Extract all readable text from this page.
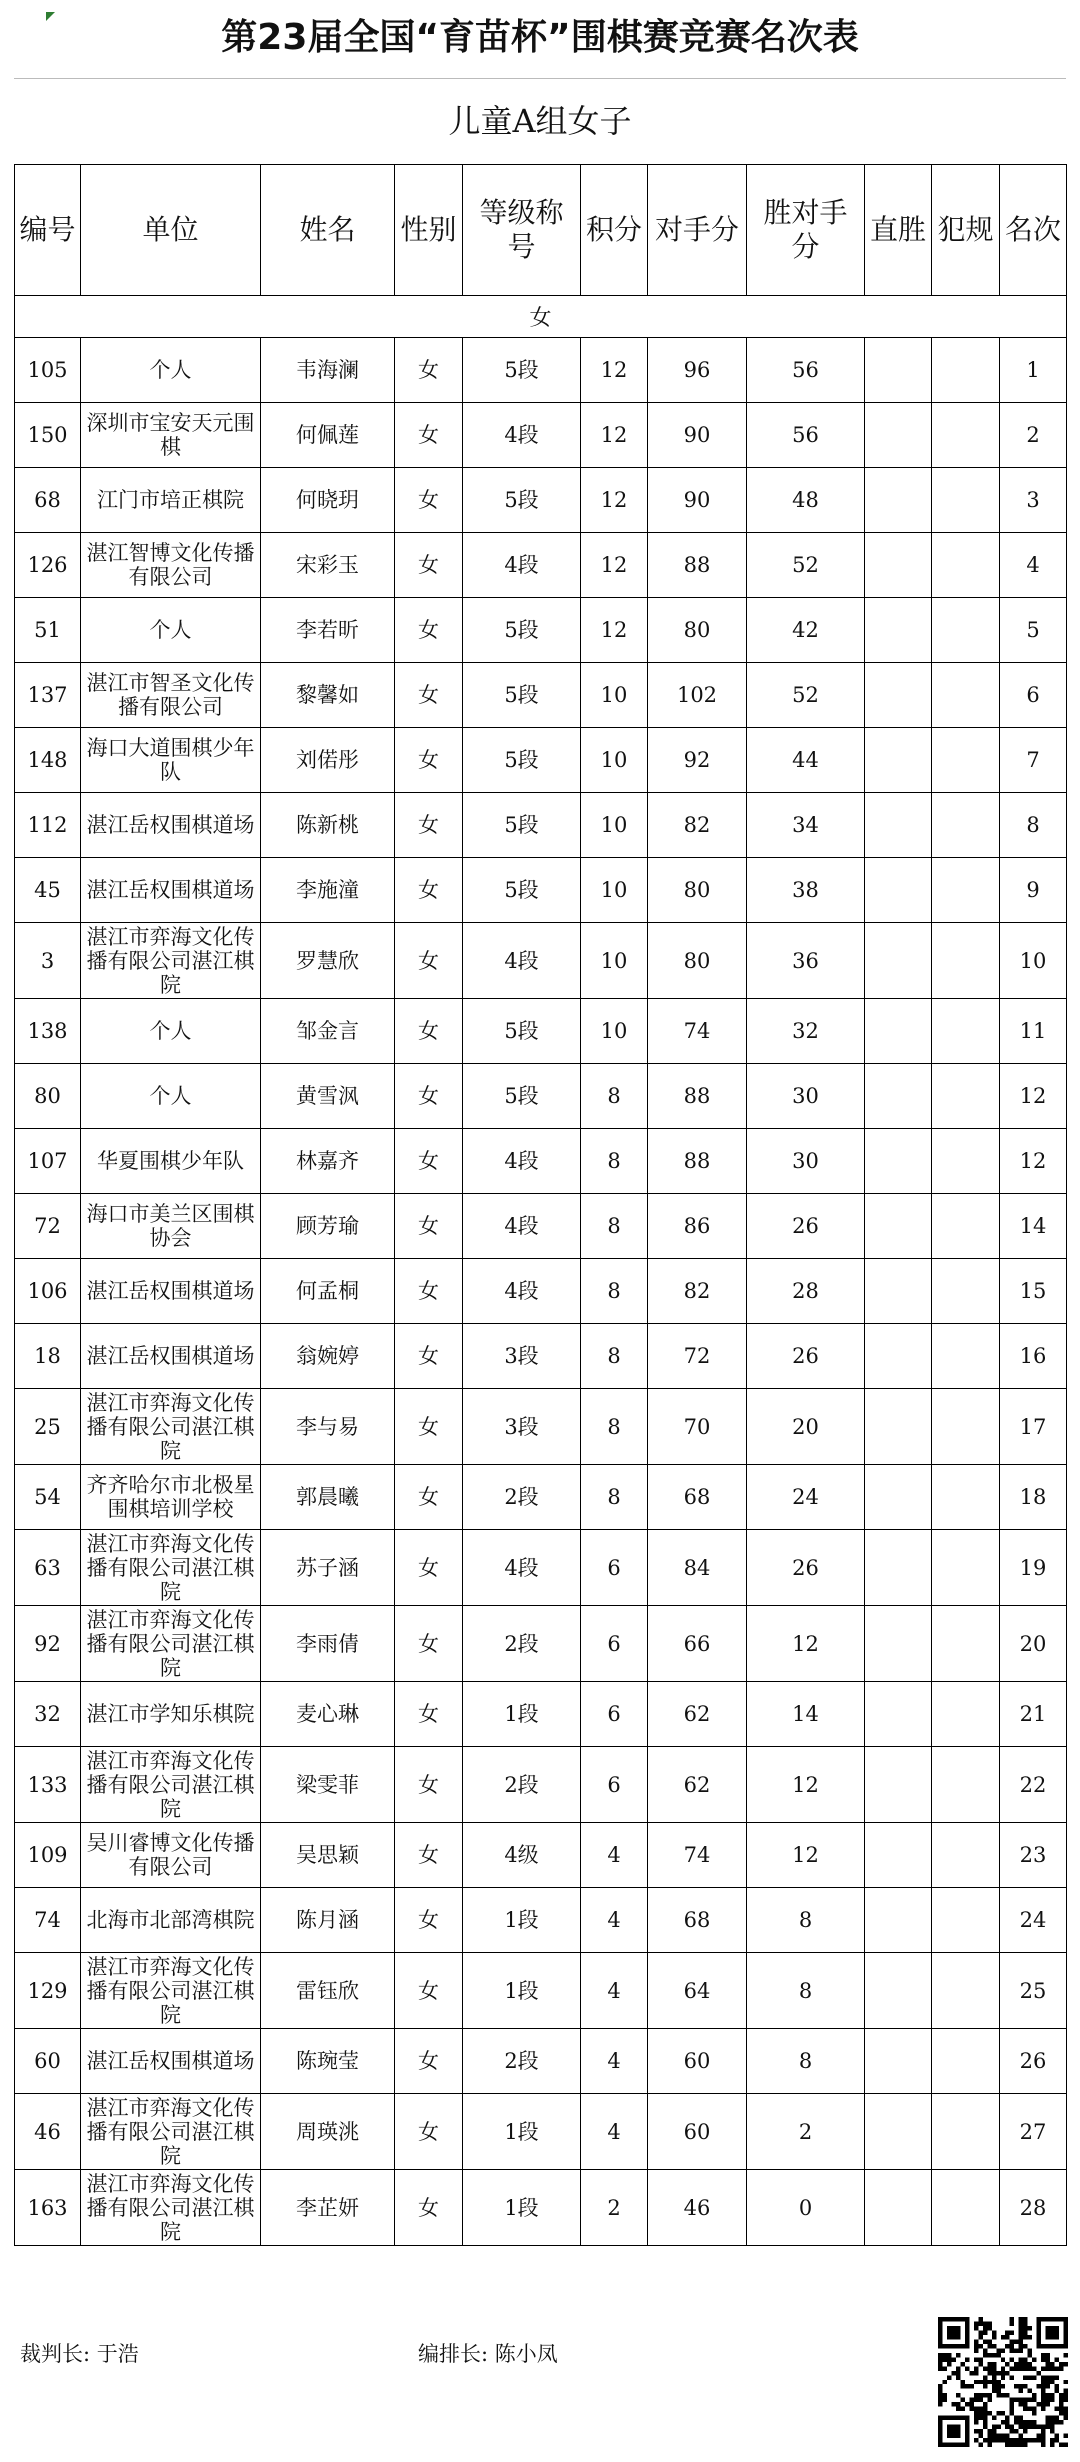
第23届全国“育苗杯”围棋赛竞赛名次表
儿童A组女子
编号	单位	姓名	性别	等级称号	积分	对手分	胜对手分	直胜	犯规	名次
女										
105	个人	韦海澜	女	5段	12	96	56			1
150	深圳市宝安天元围棋	何佩莲	女	4段	12	90	56			2
68	江门市培正棋院	何晓玥	女	5段	12	90	48			3
126	湛江智博文化传播有限公司	宋彩玉	女	4段	12	88	52			4
51	个人	李若昕	女	5段	12	80	42			5
137	湛江市智圣文化传播有限公司	黎馨如	女	5段	10	102	52			6
148	海口大道围棋少年队	刘偌彤	女	5段	10	92	44			7
112	湛江岳权围棋道场	陈新桃	女	5段	10	82	34			8
45	湛江岳权围棋道场	李施潼	女	5段	10	80	38			9
3	湛江市弈海文化传播有限公司湛江棋院	罗慧欣	女	4段	10	80	36			10
138	个人	邹金言	女	5段	10	74	32			11
80	个人	黄雪沨	女	5段	8	88	30			12
107	华夏围棋少年队	林嘉齐	女	4段	8	88	30			12
72	海口市美兰区围棋协会	顾芳瑜	女	4段	8	86	26			14
106	湛江岳权围棋道场	何孟桐	女	4段	8	82	28			15
18	湛江岳权围棋道场	翁婉婷	女	3段	8	72	26			16
25	湛江市弈海文化传播有限公司湛江棋院	李与易	女	3段	8	70	20			17
54	齐齐哈尔市北极星围棋培训学校	郭晨曦	女	2段	8	68	24			18
63	湛江市弈海文化传播有限公司湛江棋院	苏子涵	女	4段	6	84	26			19
92	湛江市弈海文化传播有限公司湛江棋院	李雨倩	女	2段	6	66	12			20
32	湛江市学知乐棋院	麦心琳	女	1段	6	62	14			21
133	湛江市弈海文化传播有限公司湛江棋院	梁雯菲	女	2段	6	62	12			22
109	吴川睿博文化传播有限公司	吴思颖	女	4级	4	74	12			23
74	北海市北部湾棋院	陈月涵	女	1段	4	68	8			24
129	湛江市弈海文化传播有限公司湛江棋院	雷钰欣	女	1段	4	64	8			25
60	湛江岳权围棋道场	陈琬莹	女	2段	4	60	8			26
46	湛江市弈海文化传播有限公司湛江棋院	周瑛洮	女	1段	4	60	2			27
163	湛江市弈海文化传播有限公司湛江棋院	李芷妍	女	1段	2	46	0			28
裁判长: 于浩	编排长: 陈小凤
